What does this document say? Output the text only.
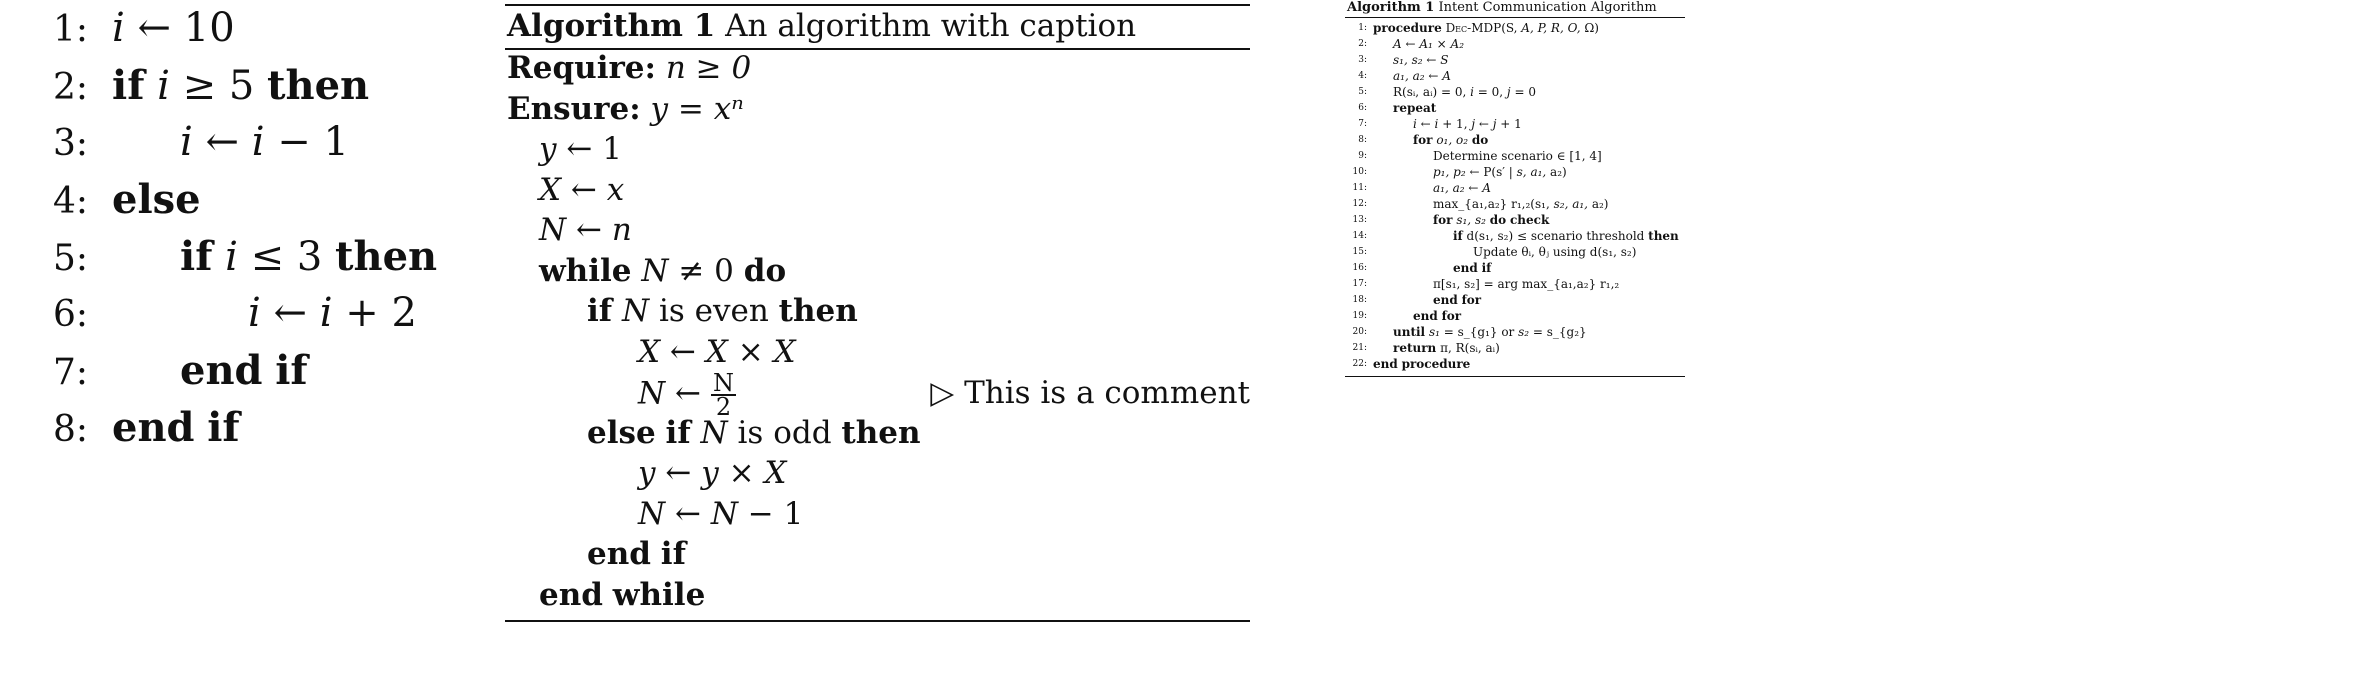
1: i ← 10
2: if i ≥ 5 then
3: i ← i − 1
4: else
5: if i ≤ 3 then
6:	i ← i + 2
7: end if
8: end if
Algorithm 1 An algorithm with caption
Require: n ≥ 0
Ensure: y = xⁿ
y ← 1
X ← x
N ← n
while N ≠ 0 do
if N is even then
X ← X × X
N ← $\frac{N}{2}$
else if N is odd then
y ← y × X
N ← N − 1
end if
end while
▷ This is a comment
Algorithm 1 Intent Communication Algorithm
1: procedure Dec-MDP(S, A, P, R, O, Ω)
2: A ← A₁ × A₂
3: s₁, s₂ ← S
4: a₁, a₂ ← A
5: R(sᵢ, aᵢ) = 0, i = 0, j = 0
6: repeat
7:	i ← i + 1, j ← j + 1
8:	for o₁, o₂ do
9:	Determine scenario ∈ [1, 4]
10:	p₁, p₂ ← P(s′ | s, a₁, a₂)
11:	a₁, a₂ ← A
12:	max_{a₁,a₂} r₁,₂(s₁, s₂, a₁, a₂)
13:	for s₁, s₂ do check
14:	if d(s₁, s₂) ≤ scenario threshold then
15:	Update θᵢ, θⱼ using d(s₁, s₂)
16:	end if
17:	π[s₁, s₂] = arg max_{a₁,a₂} r₁,₂
18:	end for
19:	end for
20: until s₁ = s_{g₁} or s₂ = s_{g₂}
21: return π, R(sᵢ, aᵢ)
22: end procedure
